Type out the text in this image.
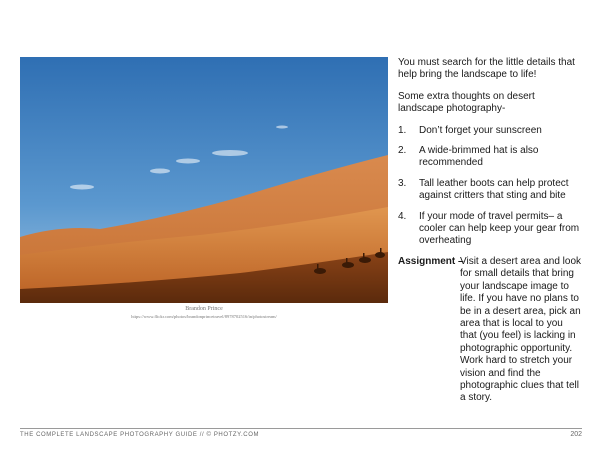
Brandon Prince
https://www.flickr.com/photos/brandonprincetravel/8978702516/in/photostream/

You must search for the little details that help bring the landscape to life!

Some extra thoughts on desert landscape photography-

1.	Don’t forget your sunscreen
2.	A wide-brimmed hat is also recommended
3.	Tall leather boots can help protect against critters that sting and bite
4.	If your mode of travel permits– a cooler can help keep your gear from overheating
Assignment –
Visit a desert area and look for small details that bring your landscape image to life. If you have no plans to be in a desert area, pick an area that is local to you that (you feel) is lacking in photographic opportunity. Work hard to stretch your vision and find the photographic clues that tell a story.
THE COMPLETE LANDSCAPE PHOTOGRAPHY GUIDE // © PHOTZY.COM	202
